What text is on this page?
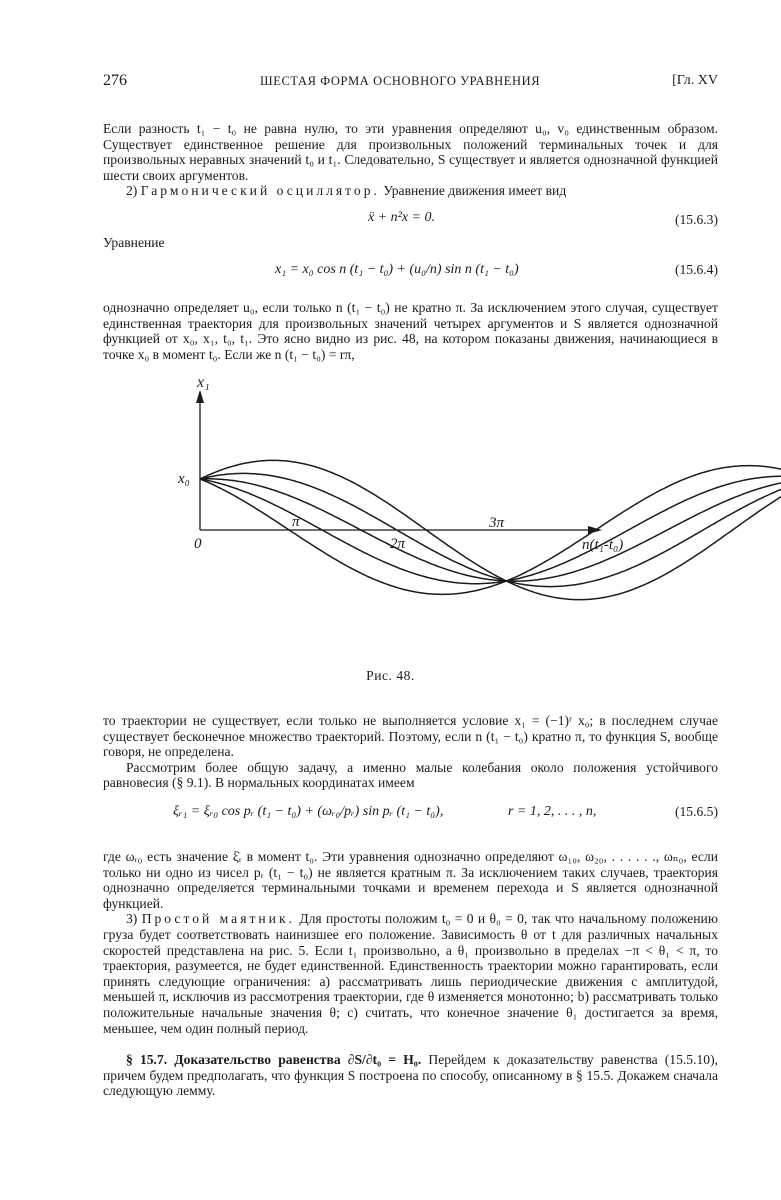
276	ШЕСТАЯ ФОРМА ОСНОВНОГО УРАВНЕНИЯ	[Гл. XV

Если разность t₁ − t₀ не равна нулю, то эти уравнения определяют u₀, v₀ единственным образом. Существует единственное решение для произвольных положений терминальных точек и для произвольных неравных значений t₀ и t₁. Следовательно, S существует и является однозначной функцией шести своих аргументов.

2) Гармонический осциллятор. Уравнение движения имеет вид

ẍ + n²x = 0.	(15.6.3)
Уравнение
x₁ = x₀ cos n (t₁ − t₀) + (u₀/n) sin n (t₁ − t₀)	(15.6.4)

однозначно определяет u₀, если только n (t₁ − t₀) не кратно π. За исключением этого случая, существует единственная траектория для произвольных значений четырех аргументов и S является однозначной функцией от x₀, x₁, t₀, t₁. Это ясно видно из рис. 48, на котором показаны движения, начинающиеся в точке x₀ в момент t₀. Если же n (t₁ − t₀) = rπ,

x₁
x₀
0
π
2π
3π
n(t₁-t₀)
Рис. 48.

то траектории не существует, если только не выполняется условие x₁ = (−1)ʳ x₀; в последнем случае существует бесконечное множество траекторий. Поэтому, если n (t₁ − t₀) кратно π, то функция S, вообще говоря, не определена.

Рассмотрим более общую задачу, а именно малые колебания около положения устойчивого равновесия (§ 9.1). В нормальных координатах имеем

ξᵣ₁ = ξᵣ₀ cos pᵣ (t₁ − t₀) + (ωᵣ₀/pᵣ) sin pᵣ (t₁ − t₀),	r = 1, 2, . . . , n,	(15.6.5)

где ωᵣ₀ есть значение ξ̇ᵣ в момент t₀. Эти уравнения однозначно определяют ω₁₀, ω₂₀, . . . . . ., ωₙ₀, если только ни одно из чисел pᵣ (t₁ − t₀) не является кратным π. За исключением таких случаев, траектория однозначно определяется терминальными точками и временем перехода и S является однозначной функцией.

3) Простой маятник. Для простоты положим t₀ = 0 и θ₀ = 0, так что начальному положению груза будет соответствовать наинизшее его положение. Зависимость θ от t для различных начальных скоростей представлена на рис. 5. Если t₁ произвольно, а θ₁ произвольно в пределах −π < θ₁ < π, то траектория, разумеется, не будет единственной. Единственность траектории можно гарантировать, если принять следующие ограничения: a) рассматривать лишь периодические движения с амплитудой, меньшей π, исключив из рассмотрения траектории, где θ изменяется монотонно; b) рассматривать только положительные начальные значения θ; c) считать, что конечное значение θ₁ достигается за время, меньшее, чем один полный период.

§ 15.7. Доказательство равенства ∂S/∂t₀ = H₀. Перейдем к доказательству равенства (15.5.10), причем будем предполагать, что функция S построена по способу, описанному в § 15.5. Докажем сначала следующую лемму.
